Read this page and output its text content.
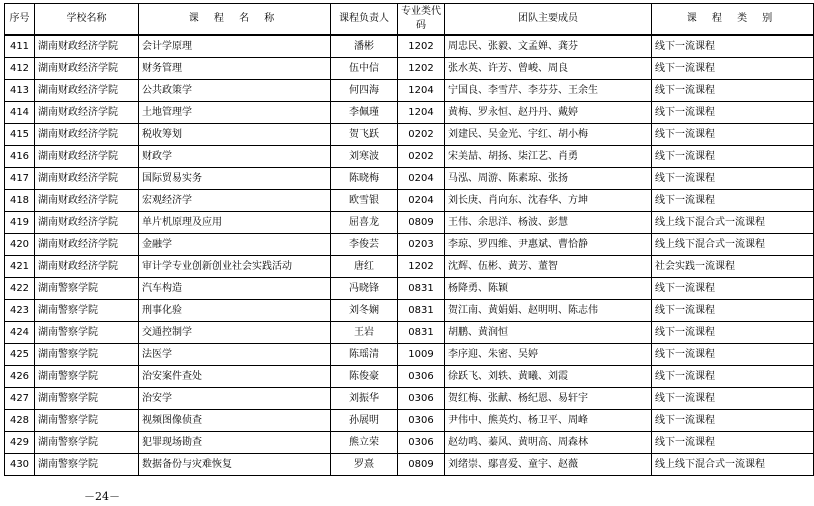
序号	学校名称	课 程 名 称	课程负责人	专业类代　码	团队主要成员	课 程 类 别
411	湖南财政经济学院	会计学原理	潘彬	1202	周忠民、张毅、文孟婵、龚芬	线下一流课程
412	湖南财政经济学院	财务管理	伍中信	1202	张水英、许芳、曾峻、周良	线下一流课程
413	湖南财政经济学院	公共政策学	何四海	1204	宁国良、李雪芹、李芬芬、王余生	线下一流课程
414	湖南财政经济学院	土地管理学	李佩瑾	1204	黄梅、罗永恒、赵丹丹、戴婷	线下一流课程
415	湖南财政经济学院	税收筹划	贺飞跃	0202	刘建民、吴金光、宇红、胡小梅	线下一流课程
416	湖南财政经济学院	财政学	刘寒波	0202	宋美喆、胡扬、柒江艺、肖勇	线下一流课程
417	湖南财政经济学院	国际贸易实务	陈晓梅	0204	马泓、周游、陈素琼、张扬	线下一流课程
418	湖南财政经济学院	宏观经济学	欧雪银	0204	刘长庚、肖向东、沈春华、方坤	线下一流课程
419	湖南财政经济学院	单片机原理及应用	屈喜龙	0809	王伟、余思洋、杨波、彭慧	线上线下混合式一流课程
420	湖南财政经济学院	金融学	李俊芸	0203	李琼、罗四维、尹惠斌、曹恰静	线上线下混合式一流课程
421	湖南财政经济学院	审计学专业创新创业社会实践活动	唐红	1202	沈辉、伍彬、黄芳、董智	社会实践一流课程
422	湖南警察学院	汽车构造	冯晓锋	0831	杨降勇、陈颖	线下一流课程
423	湖南警察学院	刑事化验	刘冬娴	0831	贺江南、黄娟娟、赵明明、陈志伟	线下一流课程
424	湖南警察学院	交通控制学	王岩	0831	胡鹏、黄润恒	线下一流课程
425	湖南警察学院	法医学	陈瑶清	1009	李序迎、朱密、吴婷	线下一流课程
426	湖南警察学院	治安案件查处	陈俊豪	0306	徐跃飞、刘轶、黄曦、刘霞	线下一流课程
427	湖南警察学院	治安学	刘振华	0306	贺红梅、张献、杨纪恩、易轩宇	线下一流课程
428	湖南警察学院	视频图像侦查	孙展明	0306	尹伟中、熊英灼、杨卫平、周峰	线下一流课程
429	湖南警察学院	犯罪现场勘查	熊立荣	0306	赵幼鸣、蓁风、黄明高、周森林	线下一流课程
430	湖南警察学院	数据备份与灾难恢复	罗熹	0809	刘绪崇、鄢喜爱、童宇、赵薇	线上线下混合式一流课程
－24－
